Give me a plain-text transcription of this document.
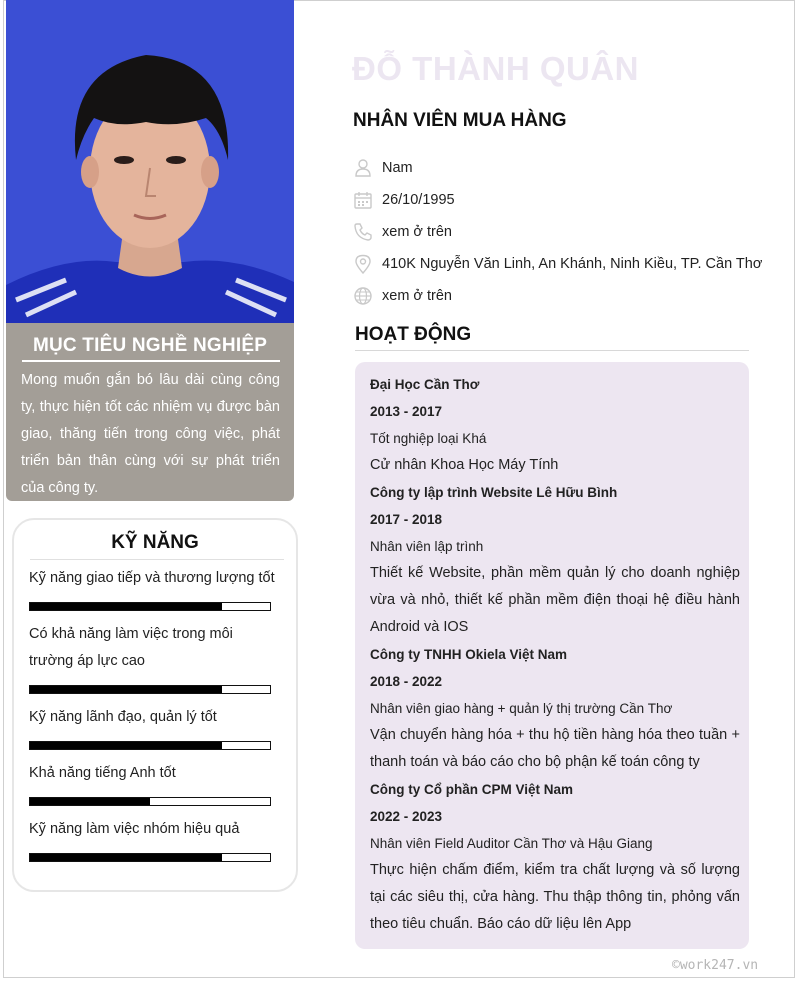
MỤC TIÊU NGHỀ NGHIỆP
Mong muốn gắn bó lâu dài cùng công ty, thực hiện tốt các nhiệm vụ được bàn giao, thăng tiến trong công việc, phát triển bản thân cùng với sự phát triển của công ty.
KỸ NĂNG
Kỹ năng giao tiếp và thương lượng tốt
Có khả năng làm việc trong môi trường áp lực cao
Kỹ năng lãnh đạo, quản lý tốt
Khả năng tiếng Anh tốt
Kỹ năng làm việc nhóm hiệu quả
ĐỖ THÀNH QUÂN
NHÂN VIÊN MUA HÀNG
Nam
26/10/1995
xem ở trên
410K Nguyễn Văn Linh, An Khánh, Ninh Kiều, TP. Cần Thơ
xem ở trên
HOẠT ĐỘNG
Đại Học Cần Thơ
2013 - 2017
Tốt nghiệp loại Khá
Cử nhân Khoa Học Máy Tính
Công ty lập trình Website Lê Hữu Bình
2017 - 2018
Nhân viên lập trình
Thiết kế Website, phần mềm quản lý cho doanh nghiệp vừa và nhỏ, thiết kế phần mềm điện thoại hệ điều hành Android và IOS
Công ty TNHH Okiela Việt Nam
2018 - 2022
Nhân viên giao hàng + quản lý thị trường Cần Thơ
Vận chuyển hàng hóa + thu hộ tiền hàng hóa theo tuần + thanh toán và báo cáo cho bộ phận kế toán công ty
Công ty Cổ phần CPM Việt Nam
2022 - 2023
Nhân viên Field Auditor Cần Thơ và Hậu Giang
Thực hiện chấm điểm, kiểm tra chất lượng và số lượng tại các siêu thị, cửa hàng. Thu thập thông tin, phỏng vấn theo tiêu chuẩn. Báo cáo dữ liệu lên App
©work247.vn
